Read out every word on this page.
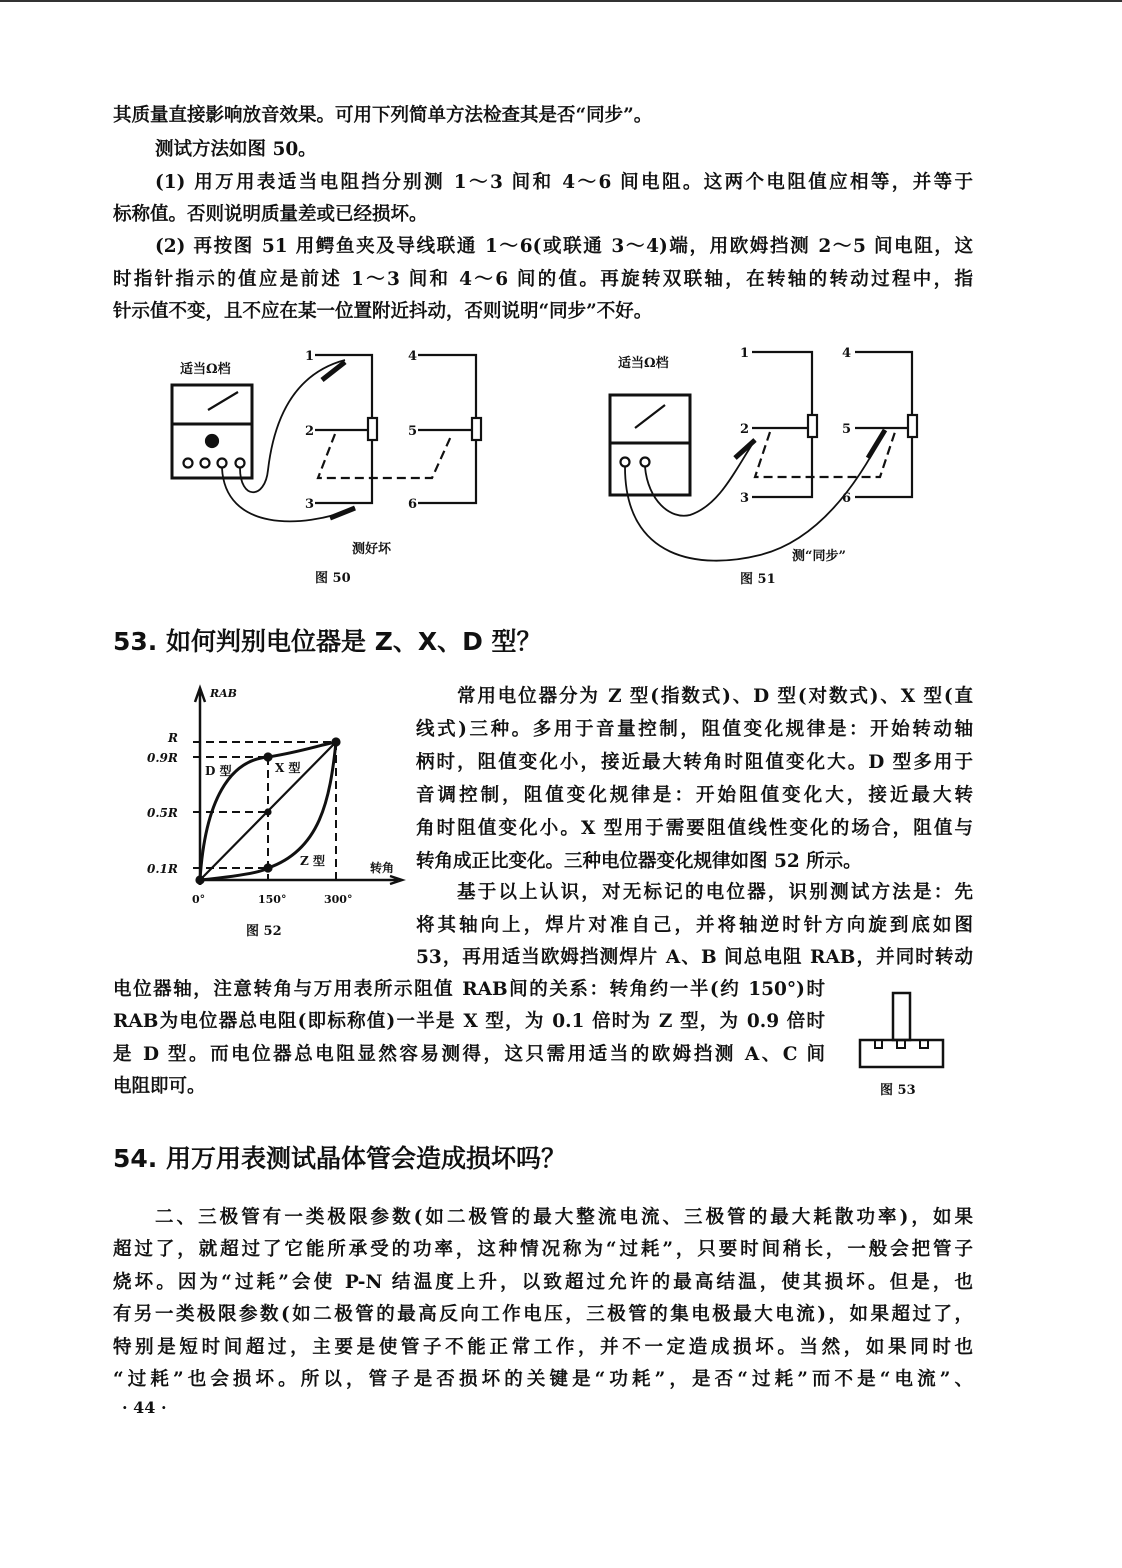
其质量直接影响放音效果。可用下列简单方法检查其是否“同步”。
测试方法如图 50。
(1) 用万用表适当电阻挡分别测 1～3 间和 4～6 间电阻。这两个电阻值应相等，并等于
标称值。否则说明质量差或已经损坏。
(2) 再按图 51 用鳄鱼夹及导线联通 1～6(或联通 3～4)端，用欧姆挡测 2～5 间电阻，这
时指针指示的值应是前述 1～3 间和 4～6 间的值。再旋转双联轴，在转轴的转动过程中，指
针示值不变，且不应在某一位置附近抖动，否则说明“同步”不好。
适当Ω档
1
2
3
4
5
6
测好坏
图 50
适当Ω档
1
2
3
4
5
6
测“同步”
图 51
RAB
R
0.9R
0.5R
0.1R	转角
0°	150°	300°
D 型	X 型
Z 型
图 52
图 53
53. 如何判别电位器是 Z、X、D 型？
常用电位器分为 Z 型(指数式)、D 型(对数式)、X 型(直
线式)三种。多用于音量控制，阻值变化规律是：开始转动轴
柄时，阻值变化小，接近最大转角时阻值变化大。D 型多用于
音调控制，阻值变化规律是：开始阻值变化大，接近最大转
角时阻值变化小。X 型用于需要阻值线性变化的场合，阻值与
转角成正比变化。三种电位器变化规律如图 52 所示。
基于以上认识，对无标记的电位器，识别测试方法是：先
将其轴向上，焊片对准自己，并将轴逆时针方向旋到底如图
53，再用适当欧姆挡测焊片 A、B 间总电阻 RAB，并同时转动
电位器轴，注意转角与万用表所示阻值 RAB间的关系：转角约一半(约 150°)时
RAB为电位器总电阻(即标称值)一半是 X 型，为 0.1 倍时为 Z 型，为 0.9 倍时
是 D 型。而电位器总电阻显然容易测得，这只需用适当的欧姆挡测 A、C 间
电阻即可。
54. 用万用表测试晶体管会造成损坏吗？
二、三极管有一类极限参数(如二极管的最大整流电流、三极管的最大耗散功率)，如果
超过了，就超过了它能所承受的功率，这种情况称为“过耗”，只要时间稍长，一般会把管子
烧坏。因为“过耗”会使 P-N 结温度上升，以致超过允许的最高结温，使其损坏。但是，也
有另一类极限参数(如二极管的最高反向工作电压，三极管的集电极最大电流)，如果超过了，
特别是短时间超过，主要是使管子不能正常工作，并不一定造成损坏。当然，如果同时也
“过耗”也会损坏。所以，管子是否损坏的关键是“功耗”，是否“过耗”而不是“电流”、
· 44 ·
